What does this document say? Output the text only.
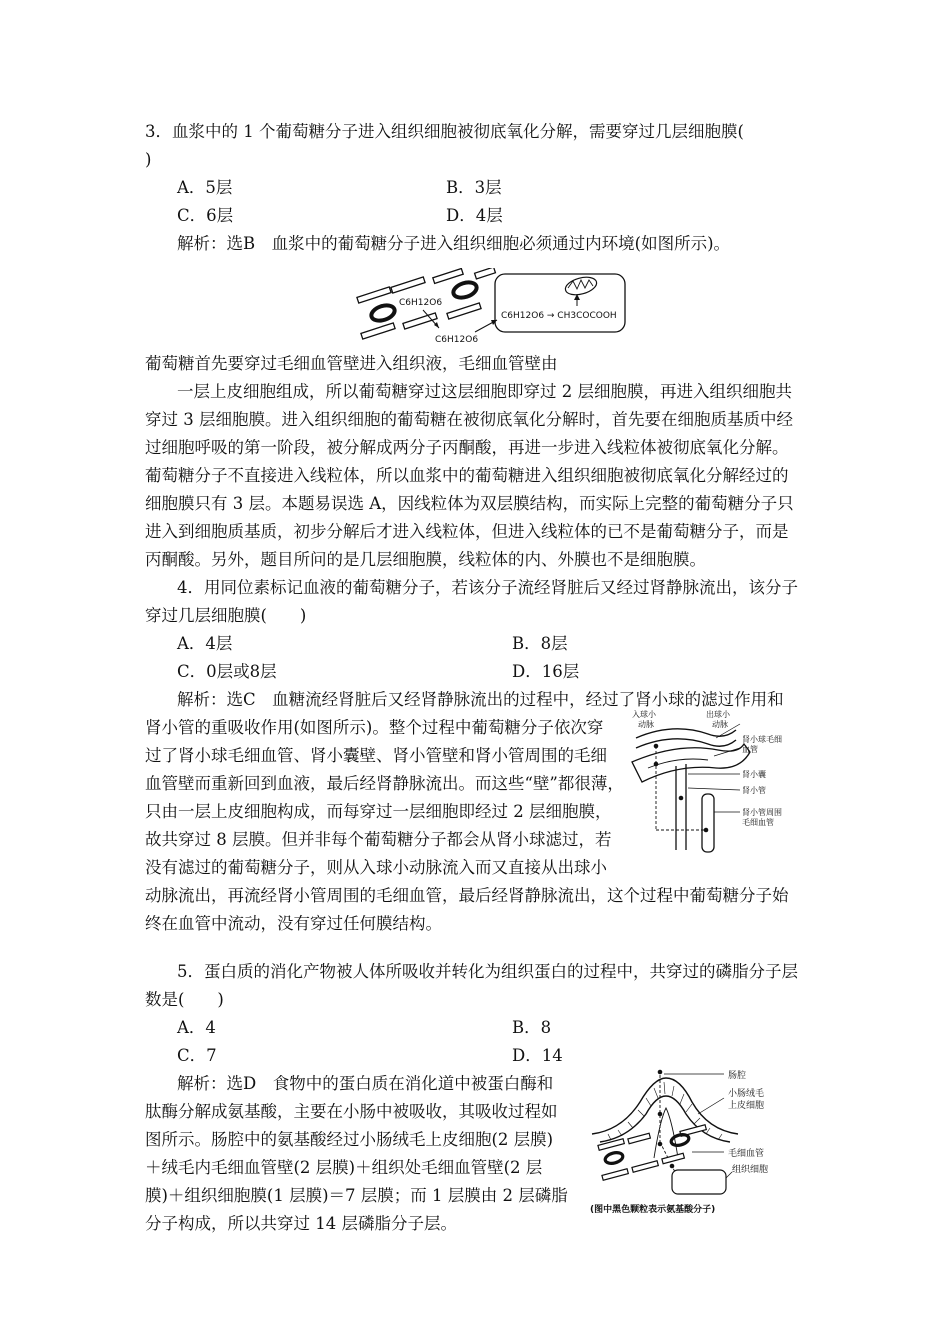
3．血浆中的 1 个葡萄糖分子进入组织细胞被彻底氧化分解，需要穿过几层细胞膜(
)
A．5层	B．3层
C．6层	D．4层
解析：选B　血浆中的葡萄糖分子进入组织细胞必须通过内环境(如图所示)。
C6H12O6
C6H12O6
C6H12O6 → CH3COCOOH
葡萄糖首先要穿过毛细血管壁进入组织液，毛细血管壁由
一层上皮细胞组成，所以葡萄糖穿过这层细胞即穿过 2 层细胞膜，再进入组织细胞共
穿过 3 层细胞膜。进入组织细胞的葡萄糖在被彻底氧化分解时，首先要在细胞质基质中经
过细胞呼吸的第一阶段，被分解成两分子丙酮酸，再进一步进入线粒体被彻底氧化分解。
葡萄糖分子不直接进入线粒体，所以血浆中的葡萄糖进入组织细胞被彻底氧化分解经过的
细胞膜只有 3 层。本题易误选 A，因线粒体为双层膜结构，而实际上完整的葡萄糖分子只
进入到细胞质基质，初步分解后才进入线粒体，但进入线粒体的已不是葡萄糖分子，而是
丙酮酸。另外，题目所问的是几层细胞膜，线粒体的内、外膜也不是细胞膜。
4．用同位素标记血液的葡萄糖分子，若该分子流经肾脏后又经过肾静脉流出，该分子
穿过几层细胞膜(　　)
A．4层	B．8层
C．0层或8层	D．16层
解析：选C　血糖流经肾脏后又经肾静脉流出的过程中，经过了肾小球的滤过作用和
肾小管的重吸收作用(如图所示)。整个过程中葡萄糖分子依次穿
过了肾小球毛细血管、肾小囊壁、肾小管壁和肾小管周围的毛细
血管壁而重新回到血液，最后经肾静脉流出。而这些“壁”都很薄，
只由一层上皮细胞构成，而每穿过一层细胞即经过 2 层细胞膜，
故共穿过 8 层膜。但并非每个葡萄糖分子都会从肾小球滤过，若
没有滤过的葡萄糖分子，则从入球小动脉流入而又直接从出球小
动脉流出，再流经肾小管周围的毛细血管，最后经肾静脉流出，这个过程中葡萄糖分子始
终在血管中流动，没有穿过任何膜结构。
入球小
动脉
出球小
动脉
肾小球毛细
血管
肾小囊
肾小管
肾小管周围
毛细血管
5．蛋白质的消化产物被人体所吸收并转化为组织蛋白的过程中，共穿过的磷脂分子层
数是(　　)
A．4	B．8
C．7	D．14
解析：选D　食物中的蛋白质在消化道中被蛋白酶和
肽酶分解成氨基酸，主要在小肠中被吸收，其吸收过程如
图所示。肠腔中的氨基酸经过小肠绒毛上皮细胞(2 层膜)
＋绒毛内毛细血管壁(2 层膜)＋组织处毛细血管壁(2 层
膜)＋组织细胞膜(1 层膜)＝7 层膜；而 1 层膜由 2 层磷脂
分子构成，所以共穿过 14 层磷脂分子层。
肠腔
小肠绒毛
上皮细胞
毛细血管
组织细胞
(图中黑色颗粒表示氨基酸分子)
